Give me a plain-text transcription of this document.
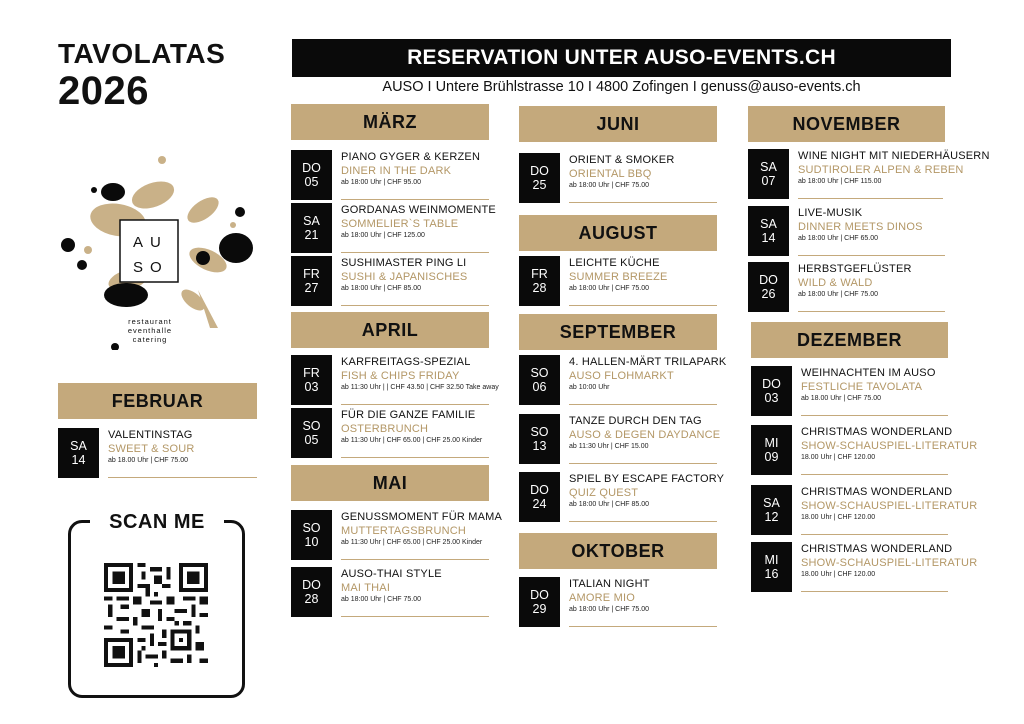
TAVOLATAS
2026
A U
S O
restaurant
eventhalle
catering
RESERVATION UNTER AUSO-EVENTS.CH
AUSO I Untere Brühlstrasse 10 I 4800 Zofingen I genuss@auso-events.ch
FEBRUAR
SA
14
VALENTINSTAG
SWEET & SOUR
ab 18.00 Uhr | CHF 75.00
MÄRZ
DO
05
PIANO GYGER & KERZEN
DINER IN THE DARK
ab 18:00 Uhr | CHF 95.00
SA
21
GORDANAS WEINMOMENTE
SOMMELIER`S TABLE
ab 18:00 Uhr | CHF 125.00
FR
27
SUSHIMASTER PING LI
SUSHI & JAPANISCHES
ab 18:00 Uhr | CHF 85.00
APRIL
FR
03
KARFREITAGS-SPEZIAL
FISH & CHIPS FRIDAY
ab 11:30 Uhr | | CHF 43.50 | CHF 32.50 Take away
SO
05
FÜR DIE GANZE FAMILIE
OSTERBRUNCH
ab 11:30 Uhr | CHF 65.00 | CHF 25.00 Kinder
MAI
SO
10
GENUSSMOMENT FÜR MAMA
MUTTERTAGSBRUNCH
ab 11:30 Uhr | CHF 65.00 | CHF 25.00 Kinder
DO
28
AUSO-THAI STYLE
MAI THAI
ab 18:00 Uhr | CHF 75.00
JUNI
DO
25
ORIENT & SMOKER
ORIENTAL BBQ
ab 18:00 Uhr | CHF 75.00
AUGUST
FR
28
LEICHTE KÜCHE
SUMMER BREEZE
ab 18:00 Uhr | CHF 75.00
SEPTEMBER
SO
06
4. HALLEN-MÄRT TRILAPARK
AUSO FLOHMARKT
ab 10:00 Uhr
SO
13
TANZE DURCH DEN TAG
AUSO & DEGEN DAYDANCE
ab 11:30 Uhr | CHF 15.00
DO
24
SPIEL BY ESCAPE FACTORY
QUIZ QUEST
ab 18:00 Uhr | CHF 85.00
OKTOBER
DO
29
ITALIAN NIGHT
AMORE MIO
ab 18:00 Uhr | CHF 75.00
NOVEMBER
SA
07
WINE NIGHT MIT NIEDERHÄUSERN
SUDTIROLER ALPEN & REBEN
ab 18:00 Uhr | CHF 115.00
SA
14
LIVE-MUSIK
DINNER MEETS DINOS
ab 18:00 Uhr | CHF 65.00
DO
26
HERBSTGEFLÜSTER
WILD & WALD
ab 18:00 Uhr | CHF 75.00
DEZEMBER
DO
03
WEIHNACHTEN IM AUSO
FESTLICHE TAVOLATA
ab 18.00 Uhr | CHF 75.00
MI
09
CHRISTMAS WONDERLAND
SHOW-SCHAUSPIEL-LITERATUR
18.00 Uhr | CHF 120.00
SA
12
CHRISTMAS WONDERLAND
SHOW-SCHAUSPIEL-LITERATUR
18.00 Uhr | CHF 120.00
MI
16
CHRISTMAS WONDERLAND
SHOW-SCHAUSPIEL-LITERATUR
18.00 Uhr | CHF 120.00
SCAN ME
